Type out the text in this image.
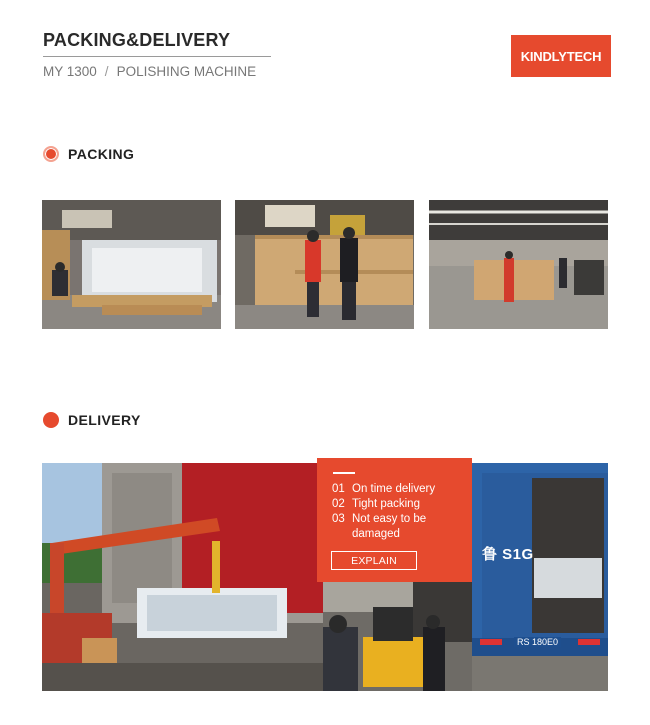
PACKING&DELIVERY
MY 1300 / POLISHING MACHINE
KINDLYTECH
PACKING
DELIVERY
鲁 S1G
RS 180E0
01 On time delivery
02 Tight packing
03 Not easy to be
damaged
EXPLAIN
